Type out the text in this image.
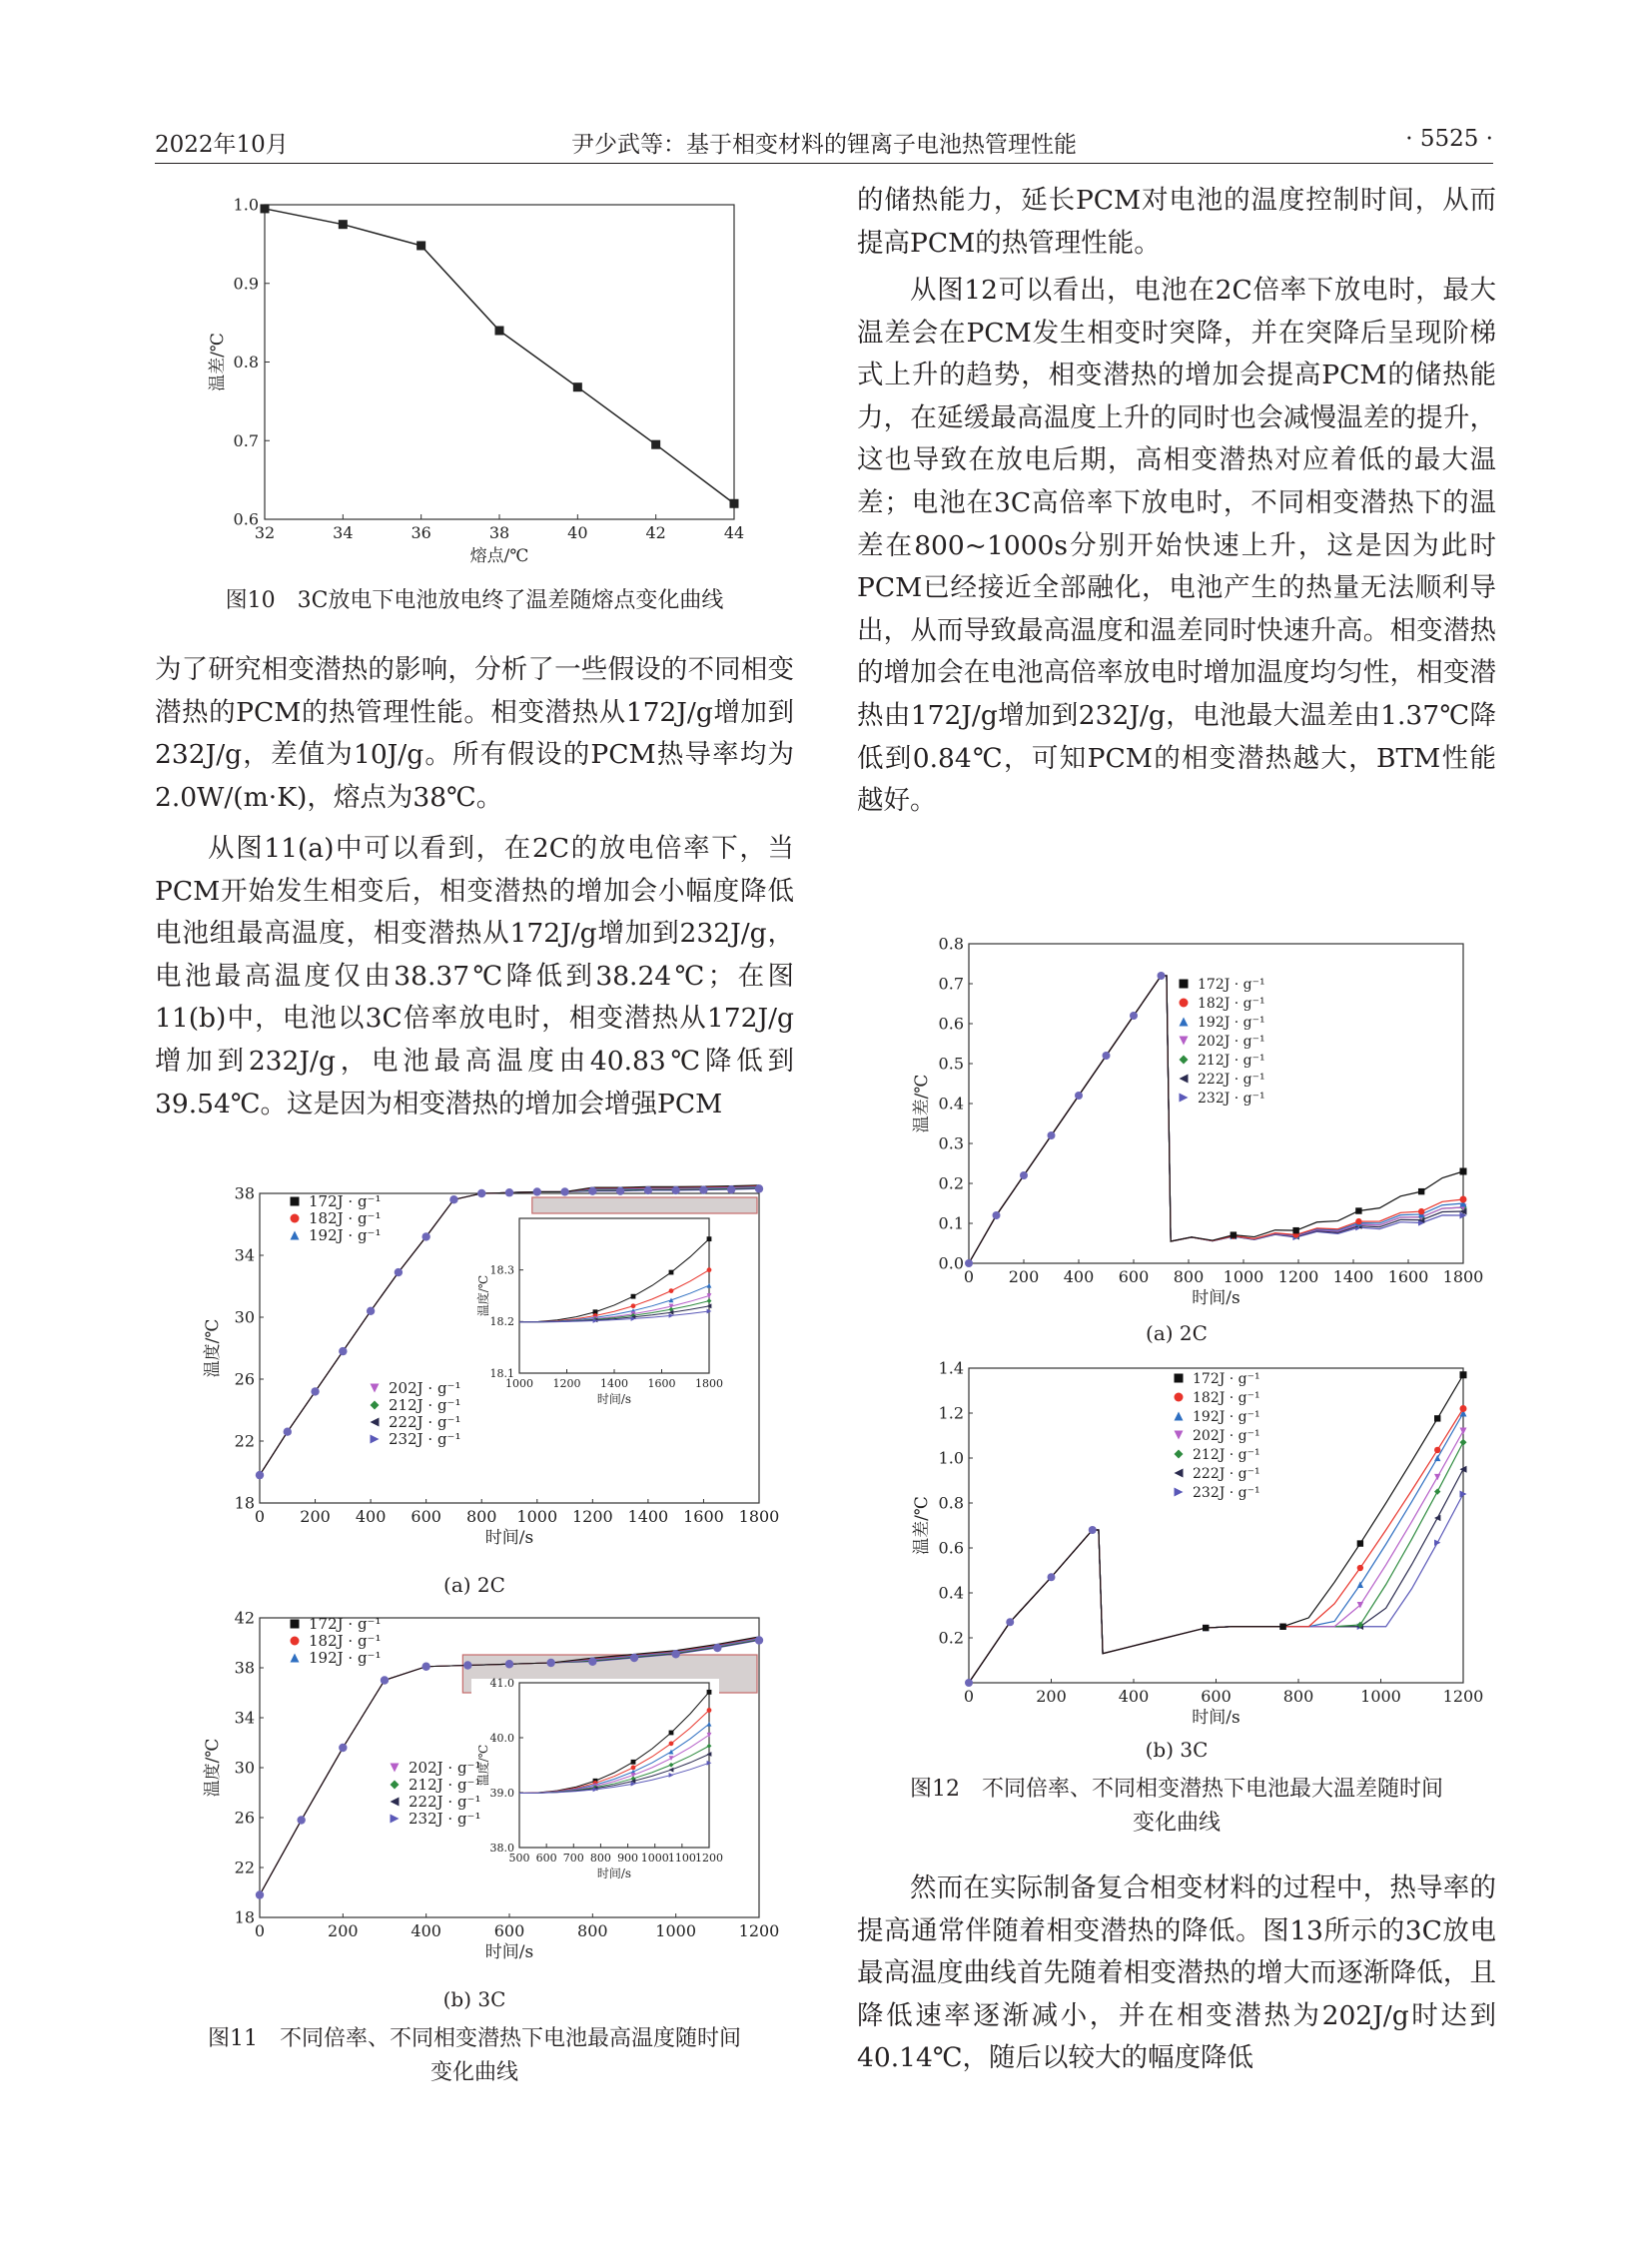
2022年10月	尹少武等：基于相变材料的锂离子电池热管理性能	· 5525 ·
32	34	36	38	40	42	44
0.6
0.7
0.8
0.9
1.0
熔点/℃
温差/℃
图10　3C放电下电池放电终了温差随熔点变化曲线

为了研究相变潜热的影响，分析了一些假设的不同相变潜热的PCM的热管理性能。相变潜热从172J/g增加到232J/g，差值为10J/g。所有假设的PCM热导率均为2.0W/(m·K)，熔点为38℃。

从图11(a)中可以看到，在2C的放电倍率下，当PCM开始发生相变后，相变潜热的增加会小幅度降低电池组最高温度，相变潜热从172J/g增加到232J/g，电池最高温度仅由38.37℃降低到38.24℃；在图11(b)中，电池以3C倍率放电时，相变潜热从172J/g增加到232J/g，电池最高温度由40.83℃降低到39.54℃。这是因为相变潜热的增加会增强PCM

0 200 400 600 800 1000 1200 1400 1600 1800
18
22
26
30
34
38
时间/s
温度/℃
1000 1200 1400 1600 1800
18.1
18.2
18.3
时间/s
温度/℃
172J · g⁻¹
182J · g⁻¹
192J · g⁻¹
202J · g⁻¹
212J · g⁻¹
222J · g⁻¹
232J · g⁻¹
(a) 2C
0	200	400	600	800	1000	1200
18
22
26
30
34
38
42
时间/s
温度/℃
500 600 700 800 900 1000 1100 1200
38.0
39.0
40.0
41.0
时间/s
温度/℃
172J · g⁻¹
182J · g⁻¹
192J · g⁻¹
202J · g⁻¹
212J · g⁻¹
222J · g⁻¹
232J · g⁻¹
(b) 3C
图11　不同倍率、不同相变潜热下电池最高温度随时间
变化曲线

的储热能力，延长PCM对电池的温度控制时间，从而提高PCM的热管理性能。

从图12可以看出，电池在2C倍率下放电时，最大温差会在PCM发生相变时突降，并在突降后呈现阶梯式上升的趋势，相变潜热的增加会提高PCM的储热能力，在延缓最高温度上升的同时也会减慢温差的提升，这也导致在放电后期，高相变潜热对应着低的最大温差；电池在3C高倍率下放电时，不同相变潜热下的温差在800~1000s分别开始快速上升，这是因为此时PCM已经接近全部融化，电池产生的热量无法顺利导出，从而导致最高温度和温差同时快速升高。相变潜热的增加会在电池高倍率放电时增加温度均匀性，相变潜热由172J/g增加到232J/g，电池最大温差由1.37℃降低到0.84℃，可知PCM的相变潜热越大，BTM性能越好。

0 200 400 600 800 1000 1200 1400 1600 1800
0.0
0.1
0.2
0.3
0.4
0.5
0.6
0.7
0.8
时间/s
温差/℃
172J · g⁻¹
182J · g⁻¹
192J · g⁻¹
202J · g⁻¹
212J · g⁻¹
222J · g⁻¹
232J · g⁻¹
(a) 2C
0	200	400	600	800	1000	1200
0.2
0.4
0.6
0.8
1.0
1.2
1.4
时间/s
温差/℃
172J · g⁻¹
182J · g⁻¹
192J · g⁻¹
202J · g⁻¹
212J · g⁻¹
222J · g⁻¹
232J · g⁻¹
(b) 3C
图12　不同倍率、不同相变潜热下电池最大温差随时间
变化曲线

然而在实际制备复合相变材料的过程中，热导率的提高通常伴随着相变潜热的降低。图13所示的3C放电最高温度曲线首先随着相变潜热的增大而逐渐降低，且降低速率逐渐减小，并在相变潜热为202J/g时达到40.14℃，随后以较大的幅度降低
